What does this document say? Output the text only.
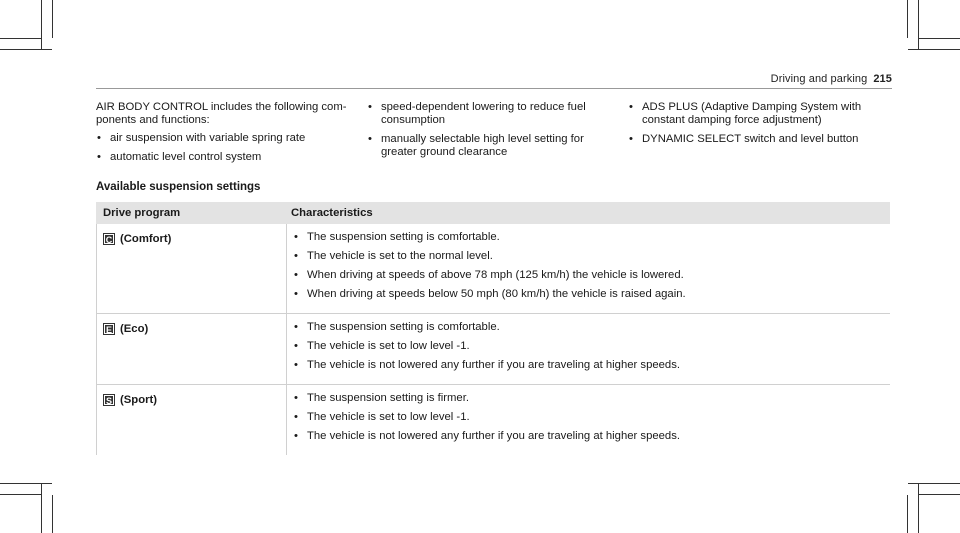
Driving and parking 215

AIR BODY CONTROL includes the following com- ponents and functions:

• air suspension with variable spring rate
• automatic level control system
• speed-dependent lowering to reduce fuel consumption
• manually selectable high level setting for greater ground clearance
• ADS PLUS (Adaptive Damping System with constant damping force adjustment)
• DYNAMIC SELECT switch and level button
Available suspension settings
Drive program	Characteristics
C (Comfort)	• The suspension setting is comfortable.
• The vehicle is set to the normal level.
• When driving at speeds of above 78 mph (125 km/h) the vehicle is lowered.
• When driving at speeds below 50 mph (80 km/h) the vehicle is raised again.
E (Eco)	• The suspension setting is comfortable.
• The vehicle is set to low level -1.
• The vehicle is not lowered any further if you are traveling at higher speeds.
S (Sport)	• The suspension setting is firmer.
• The vehicle is set to low level -1.
• The vehicle is not lowered any further if you are traveling at higher speeds.
